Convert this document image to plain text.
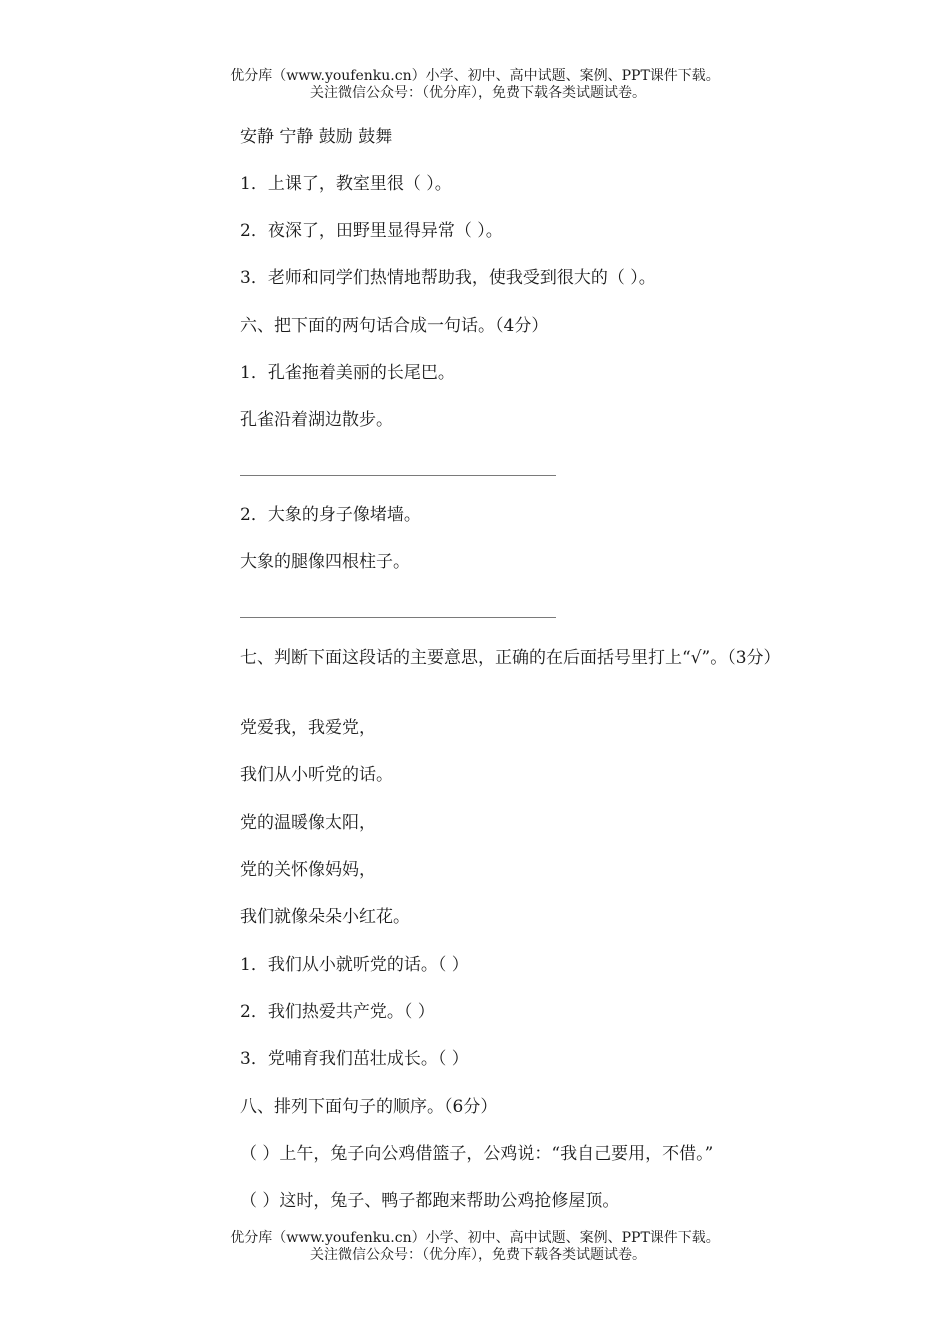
优分库（www.youfenku.cn）小学、初中、高中试题、案例、PPT课件下载。
关注微信公众号：（优分库），免费下载各类试题试卷。
安静 宁静 鼓励 鼓舞
1．上课了，教室里很（ ）。
2．夜深了，田野里显得异常（ ）。
3．老师和同学们热情地帮助我，使我受到很大的（ ）。
六、把下面的两句话合成一句话。（4分）
1．孔雀拖着美丽的长尾巴。
孔雀沿着湖边散步。
2．大象的身子像堵墙。
大象的腿像四根柱子。
七、判断下面这段话的主要意思，正确的在后面括号里打上“√”。（3分）
党爱我，我爱党，
我们从小听党的话。
党的温暖像太阳，
党的关怀像妈妈，
我们就像朵朵小红花。
1．我们从小就听党的话。（ ）
2．我们热爱共产党。（ ）
3．党哺育我们茁壮成长。（ ）
八、排列下面句子的顺序。（6分）
（ ）上午，兔子向公鸡借篮子，公鸡说：“我自己要用，不借。”
（ ）这时，兔子、鸭子都跑来帮助公鸡抢修屋顶。
优分库（www.youfenku.cn）小学、初中、高中试题、案例、PPT课件下载。
关注微信公众号：（优分库），免费下载各类试题试卷。
